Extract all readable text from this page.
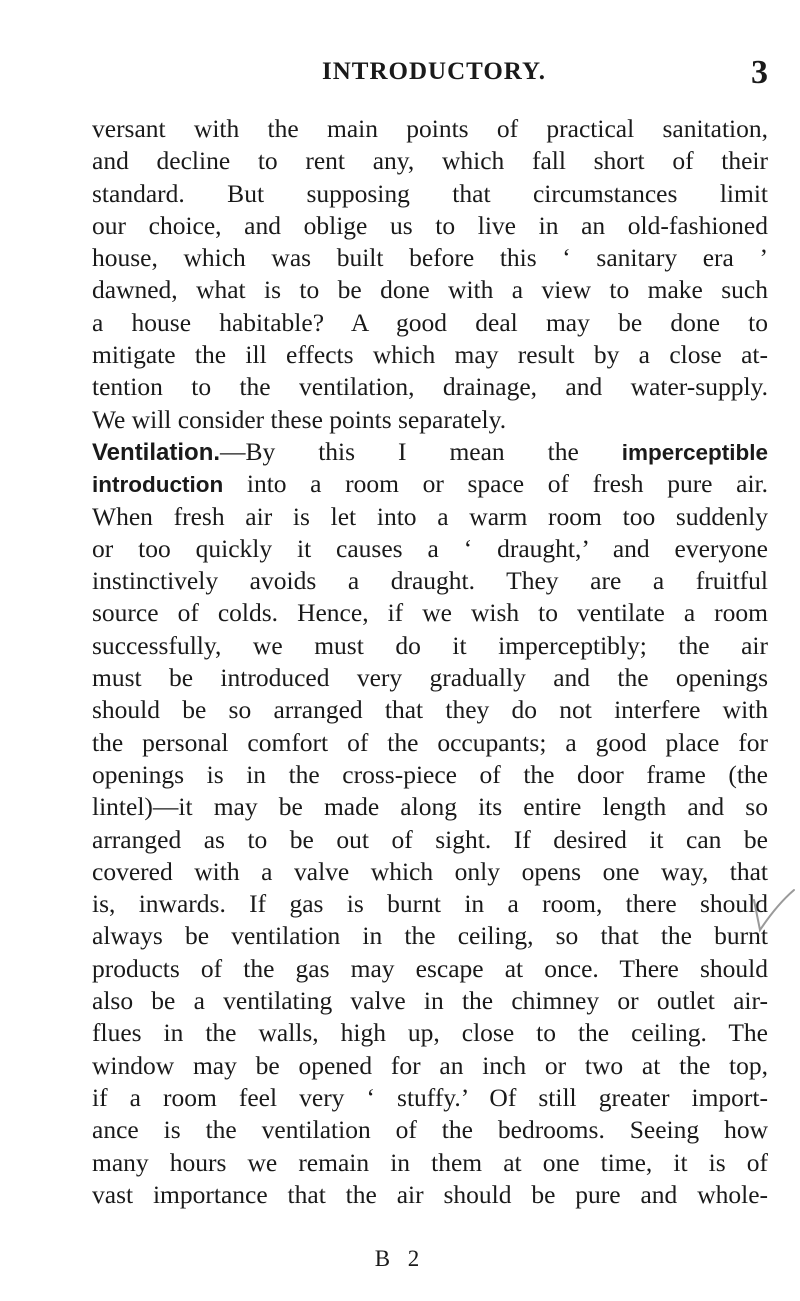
INTRODUCTORY.	3
versant with the main points of practical sanitation,
and decline to rent any, which fall short of their
standard. But supposing that circumstances limit
our choice, and oblige us to live in an old-fashioned
house, which was built before this ‘ sanitary era ’
dawned, what is to be done with a view to make such
a house habitable? A good deal may be done to
mitigate the ill effects which may result by a close at-
tention to the ventilation, drainage, and water-supply.
We will consider these points separately.
Ventilation.—By this I mean the imperceptible
introduction into a room or space of fresh pure air.
When fresh air is let into a warm room too suddenly
or too quickly it causes a ‘ draught,’ and everyone
instinctively avoids a draught. They are a fruitful
source of colds. Hence, if we wish to ventilate a room
successfully, we must do it imperceptibly; the air
must be introduced very gradually and the openings
should be so arranged that they do not interfere with
the personal comfort of the occupants; a good place for
openings is in the cross-piece of the door frame (the
lintel)—it may be made along its entire length and so
arranged as to be out of sight. If desired it can be
covered with a valve which only opens one way, that
is, inwards. If gas is burnt in a room, there should
always be ventilation in the ceiling, so that the burnt
products of the gas may escape at once. There should
also be a ventilating valve in the chimney or outlet air-
flues in the walls, high up, close to the ceiling. The
window may be opened for an inch or two at the top,
if a room feel very ‘ stuffy.’ Of still greater import-
ance is the ventilation of the bedrooms. Seeing how
many hours we remain in them at one time, it is of
vast importance that the air should be pure and whole-
B 2
